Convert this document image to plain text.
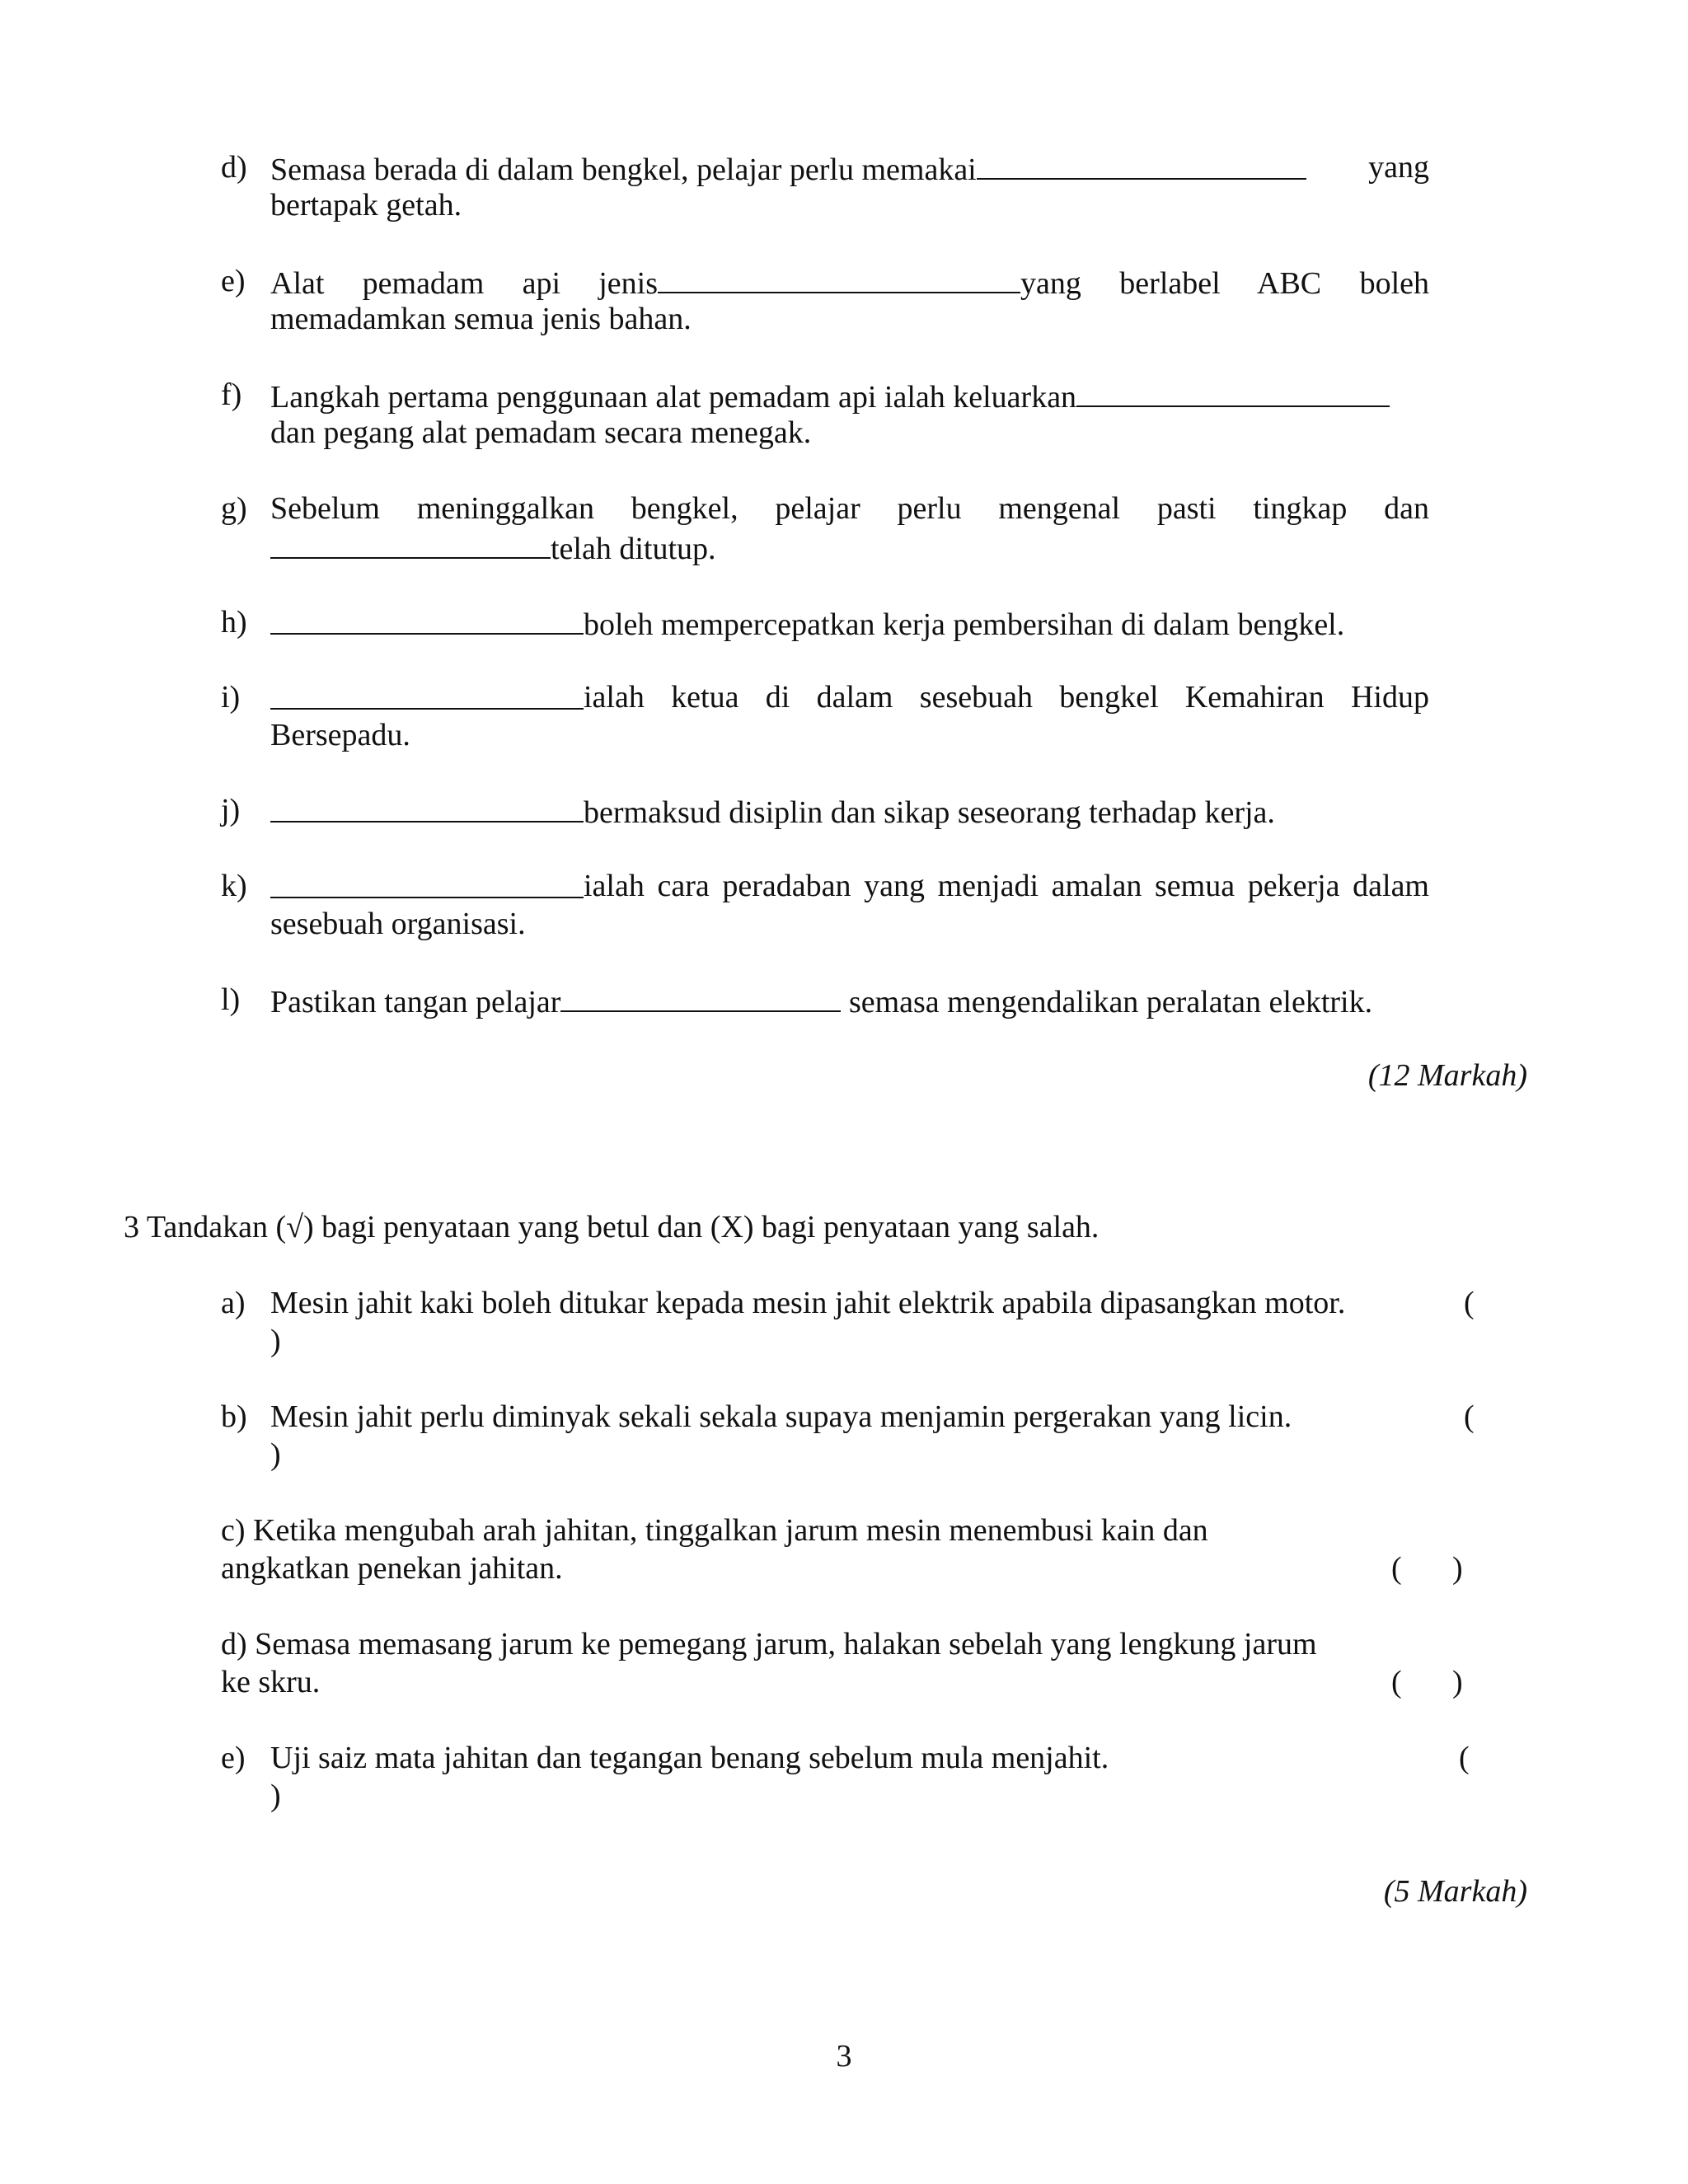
d) Semasa berada di dalam bengkel, pelajar perlu memakai	yang
bertapak getah.
e) Alat pemadam api jenis	yang berlabel ABC boleh
memadamkan semua jenis bahan.
f) Langkah pertama penggunaan alat pemadam api ialah keluarkan
dan pegang alat pemadam secara menegak.
g) Sebelum meninggalkan bengkel, pelajar perlu mengenal pasti tingkap dan
telah ditutup.
h)	boleh mempercepatkan kerja pembersihan di dalam bengkel.
i)	ialah ketua di dalam sesebuah bengkel Kemahiran Hidup
Bersepadu.
j)	bermaksud disiplin dan sikap seseorang terhadap kerja.
k)	ialah cara peradaban yang menjadi amalan semua pekerja dalam
sesebuah organisasi.
l) Pastikan tangan pelajar	semasa mengendalikan peralatan elektrik.
(12 Markah)
3 Tandakan (√) bagi penyataan yang betul dan (X) bagi penyataan yang salah.
a) Mesin jahit kaki boleh ditukar kepada mesin jahit elektrik apabila dipasangkan motor.	(
)
b) Mesin jahit perlu diminyak sekali sekala supaya menjamin pergerakan yang licin.	(
)
c) Ketika mengubah arah jahitan, tinggalkan jarum mesin menembusi kain dan
angkatkan penekan jahitan.	( )
d) Semasa memasang jarum ke pemegang jarum, halakan sebelah yang lengkung jarum
ke skru.	( )
e) Uji saiz mata jahitan dan tegangan benang sebelum mula menjahit.	(
)
(5 Markah)
3
